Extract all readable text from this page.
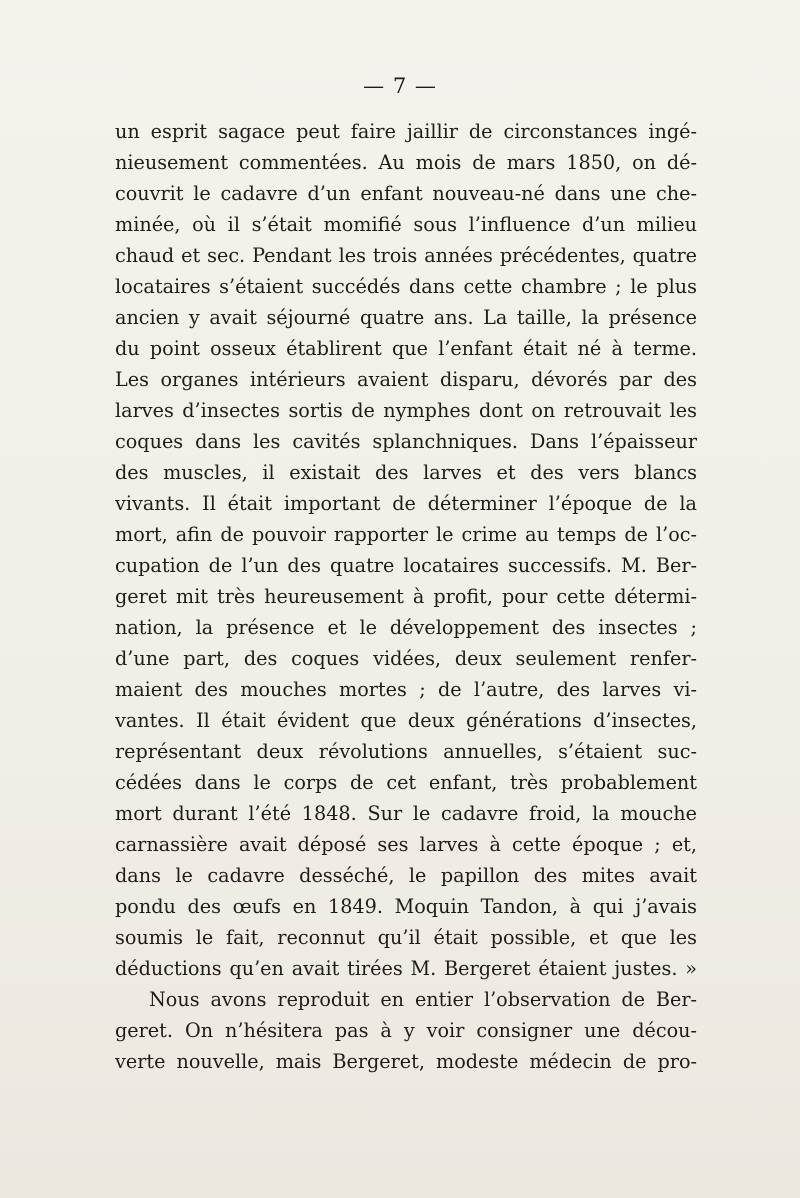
— 7 —
un esprit sagace peut faire jaillir de circonstances ingé-
nieusement commentées. Au mois de mars 1850, on dé-
couvrit le cadavre d’un enfant nouveau-né dans une che-
minée, où il s’était momifié sous l’influence d’un milieu
chaud et sec. Pendant les trois années précédentes, quatre
locataires s’étaient succédés dans cette chambre ; le plus
ancien y avait séjourné quatre ans. La taille, la présence
du point osseux établirent que l’enfant était né à terme.
Les organes intérieurs avaient disparu, dévorés par des
larves d’insectes sortis de nymphes dont on retrouvait les
coques dans les cavités splanchniques. Dans l’épaisseur
des muscles, il existait des larves et des vers blancs
vivants. Il était important de déterminer l’époque de la
mort, afin de pouvoir rapporter le crime au temps de l’oc-
cupation de l’un des quatre locataires successifs. M. Ber-
geret mit très heureusement à profit, pour cette détermi-
nation, la présence et le développement des insectes ;
d’une part, des coques vidées, deux seulement renfer-
maient des mouches mortes ; de l’autre, des larves vi-
vantes. Il était évident que deux générations d’insectes,
représentant deux révolutions annuelles, s’étaient suc-
cédées dans le corps de cet enfant, très probablement
mort durant l’été 1848. Sur le cadavre froid, la mouche
carnassière avait déposé ses larves à cette époque ; et,
dans le cadavre desséché, le papillon des mites avait
pondu des œufs en 1849. Moquin Tandon, à qui j’avais
soumis le fait, reconnut qu’il était possible, et que les
déductions qu’en avait tirées M. Bergeret étaient justes. »
Nous avons reproduit en entier l’observation de Ber-
geret. On n’hésitera pas à y voir consigner une décou-
verte nouvelle, mais Bergeret, modeste médecin de pro-
